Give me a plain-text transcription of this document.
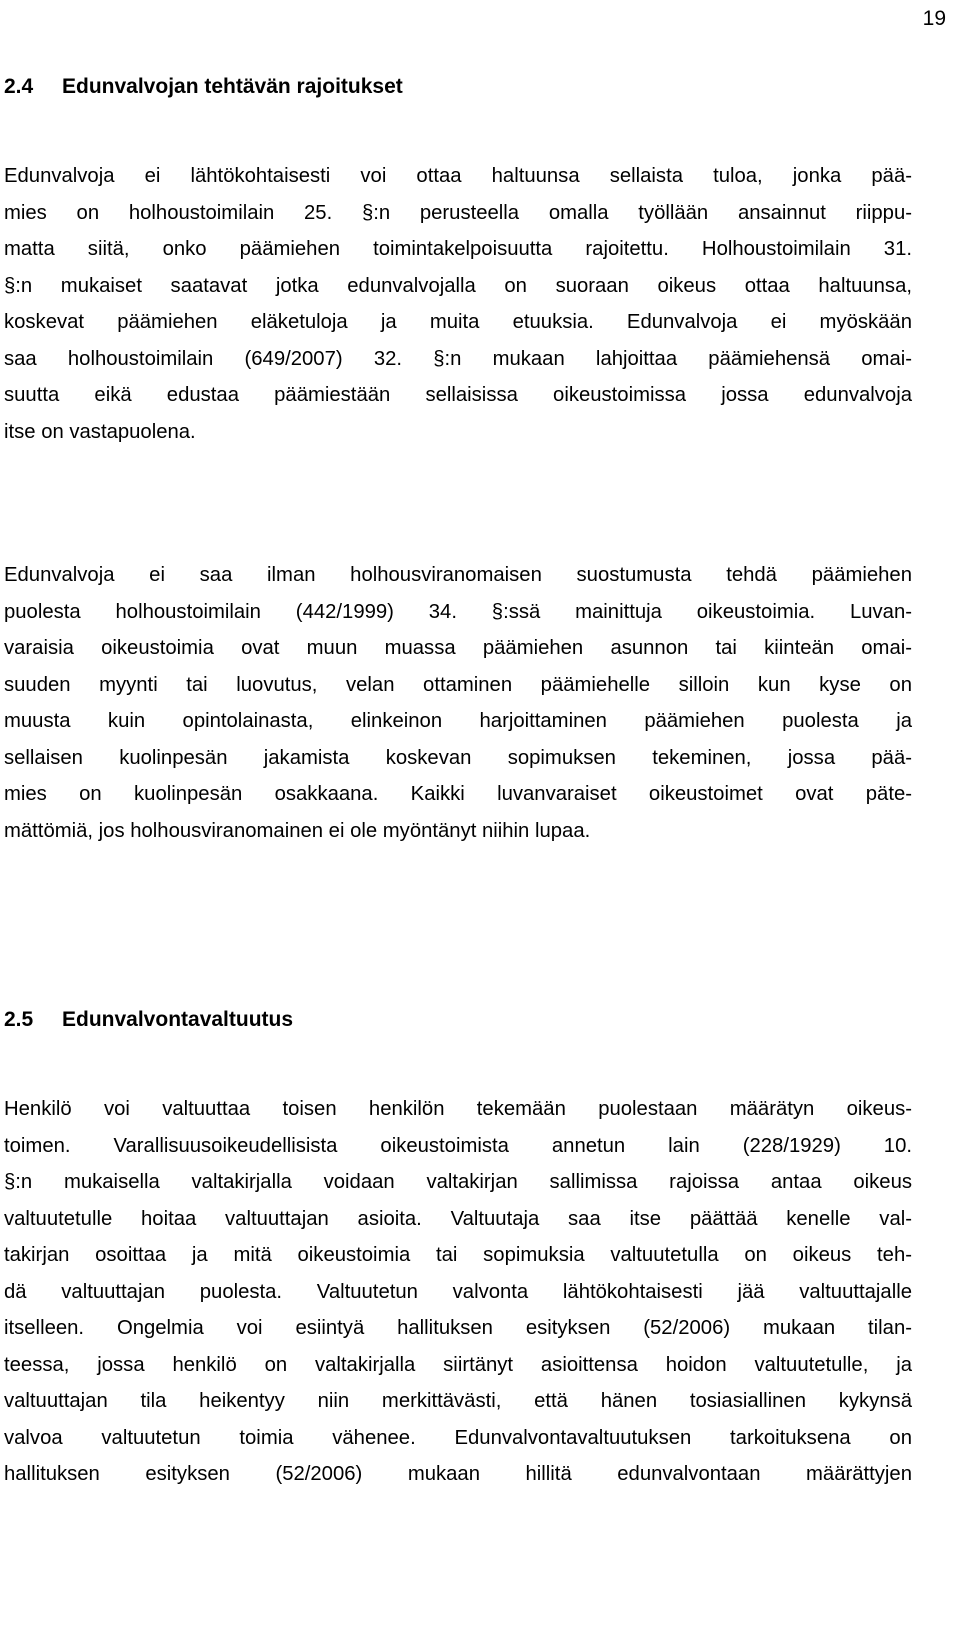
19
2.4 Edunvalvojan tehtävän rajoitukset
Edunvalvoja ei lähtökohtaisesti voi ottaa haltuunsa sellaista tuloa, jonka pää-
mies on holhoustoimilain 25. §:n perusteella omalla työllään ansainnut riippu-
matta siitä, onko päämiehen toimintakelpoisuutta rajoitettu. Holhoustoimilain 31.
§:n mukaiset saatavat jotka edunvalvojalla on suoraan oikeus ottaa haltuunsa,
koskevat päämiehen eläketuloja ja muita etuuksia. Edunvalvoja ei myöskään
saa holhoustoimilain (649/2007) 32. §:n mukaan lahjoittaa päämiehensä omai-
suutta eikä edustaa päämiestään sellaisissa oikeustoimissa jossa edunvalvoja
itse on vastapuolena.
Edunvalvoja ei saa ilman holhousviranomaisen suostumusta tehdä päämiehen
puolesta holhoustoimilain (442/1999) 34. §:ssä mainittuja oikeustoimia. Luvan-
varaisia oikeustoimia ovat muun muassa päämiehen asunnon tai kiinteän omai-
suuden myynti tai luovutus, velan ottaminen päämiehelle silloin kun kyse on
muusta kuin opintolainasta, elinkeinon harjoittaminen päämiehen puolesta ja
sellaisen kuolinpesän jakamista koskevan sopimuksen tekeminen, jossa pää-
mies on kuolinpesän osakkaana. Kaikki luvanvaraiset oikeustoimet ovat päte-
mättömiä, jos holhousviranomainen ei ole myöntänyt niihin lupaa.
2.5 Edunvalvontavaltuutus
Henkilö voi valtuuttaa toisen henkilön tekemään puolestaan määrätyn oikeus-
toimen. Varallisuusoikeudellisista oikeustoimista annetun lain (228/1929) 10.
§:n mukaisella valtakirjalla voidaan valtakirjan sallimissa rajoissa antaa oikeus
valtuutetulle hoitaa valtuuttajan asioita. Valtuutaja saa itse päättää kenelle val-
takirjan osoittaa ja mitä oikeustoimia tai sopimuksia valtuutetulla on oikeus teh-
dä valtuuttajan puolesta. Valtuutetun valvonta lähtökohtaisesti jää valtuuttajalle
itselleen. Ongelmia voi esiintyä hallituksen esityksen (52/2006) mukaan tilan-
teessa, jossa henkilö on valtakirjalla siirtänyt asioittensa hoidon valtuutetulle, ja
valtuuttajan tila heikentyy niin merkittävästi, että hänen tosiasiallinen kykynsä
valvoa valtuutetun toimia vähenee. Edunvalvontavaltuutuksen tarkoituksena on
hallituksen esityksen (52/2006) mukaan hillitä edunvalvontaan määrättyjen
